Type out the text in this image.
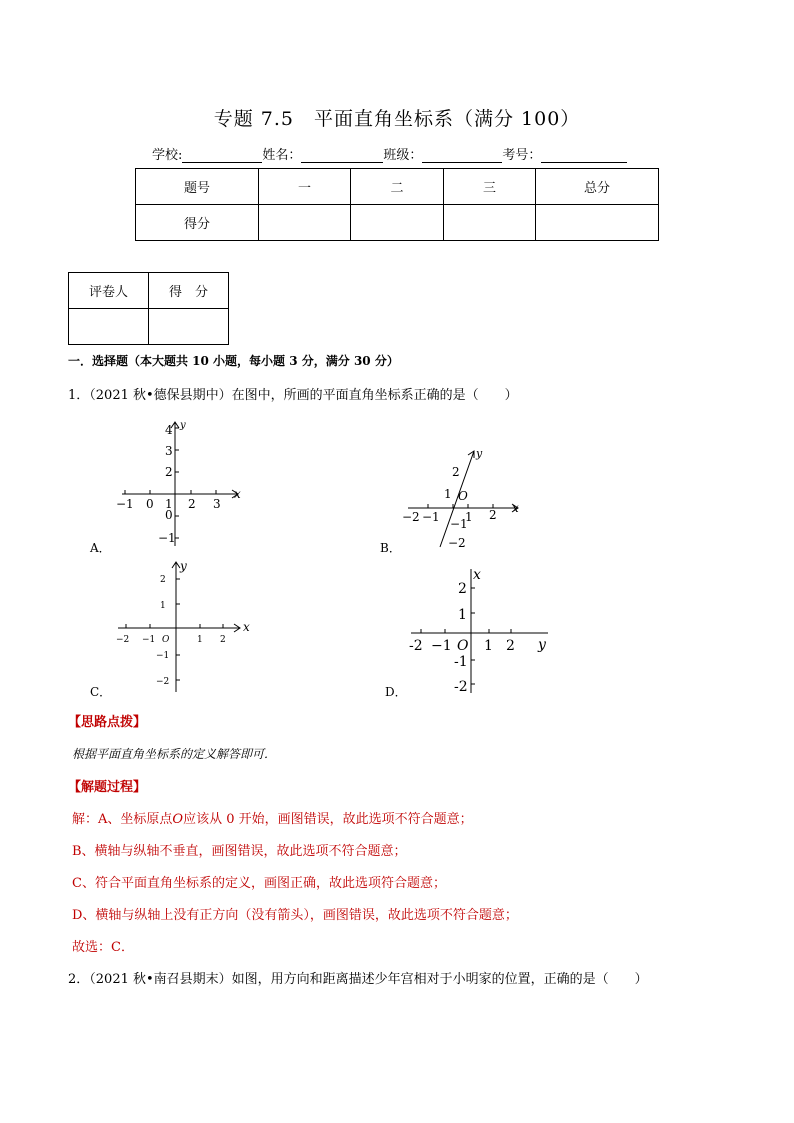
专题 7.5　平面直角坐标系（满分 100）
学校:	姓名：	班级：	考号：
题号	一	二	三	总分
得分				
评卷人	得　分

一．选择题（本大题共 10 小题，每小题 3 分，满分 30 分）
1．（2021 秋•德保县期中）在图中，所画的平面直角坐标系正确的是（　　）
y
x
4
3
2
0
−1
−1 0 1 2 3
A．
y
x
2
1 O
−1
−2
−2 −1 1 2
B．
y
x
2
1
−1
−2
−2 −1 O	1 2
C．
x
y
2
1
-1
-2
-2 −1 O 1 2
D．
【思路点拨】
根据平面直角坐标系的定义解答即可．
【解题过程】
解：A、坐标原点O应该从 0 开始，画图错误，故此选项不符合题意；
B、横轴与纵轴不垂直，画图错误，故此选项不符合题意；
C、符合平面直角坐标系的定义，画图正确，故此选项符合题意；
D、横轴与纵轴上没有正方向（没有箭头），画图错误，故此选项不符合题意；
故选：C．
2．（2021 秋•南召县期末）如图，用方向和距离描述少年宫相对于小明家的位置，正确的是（　　）
